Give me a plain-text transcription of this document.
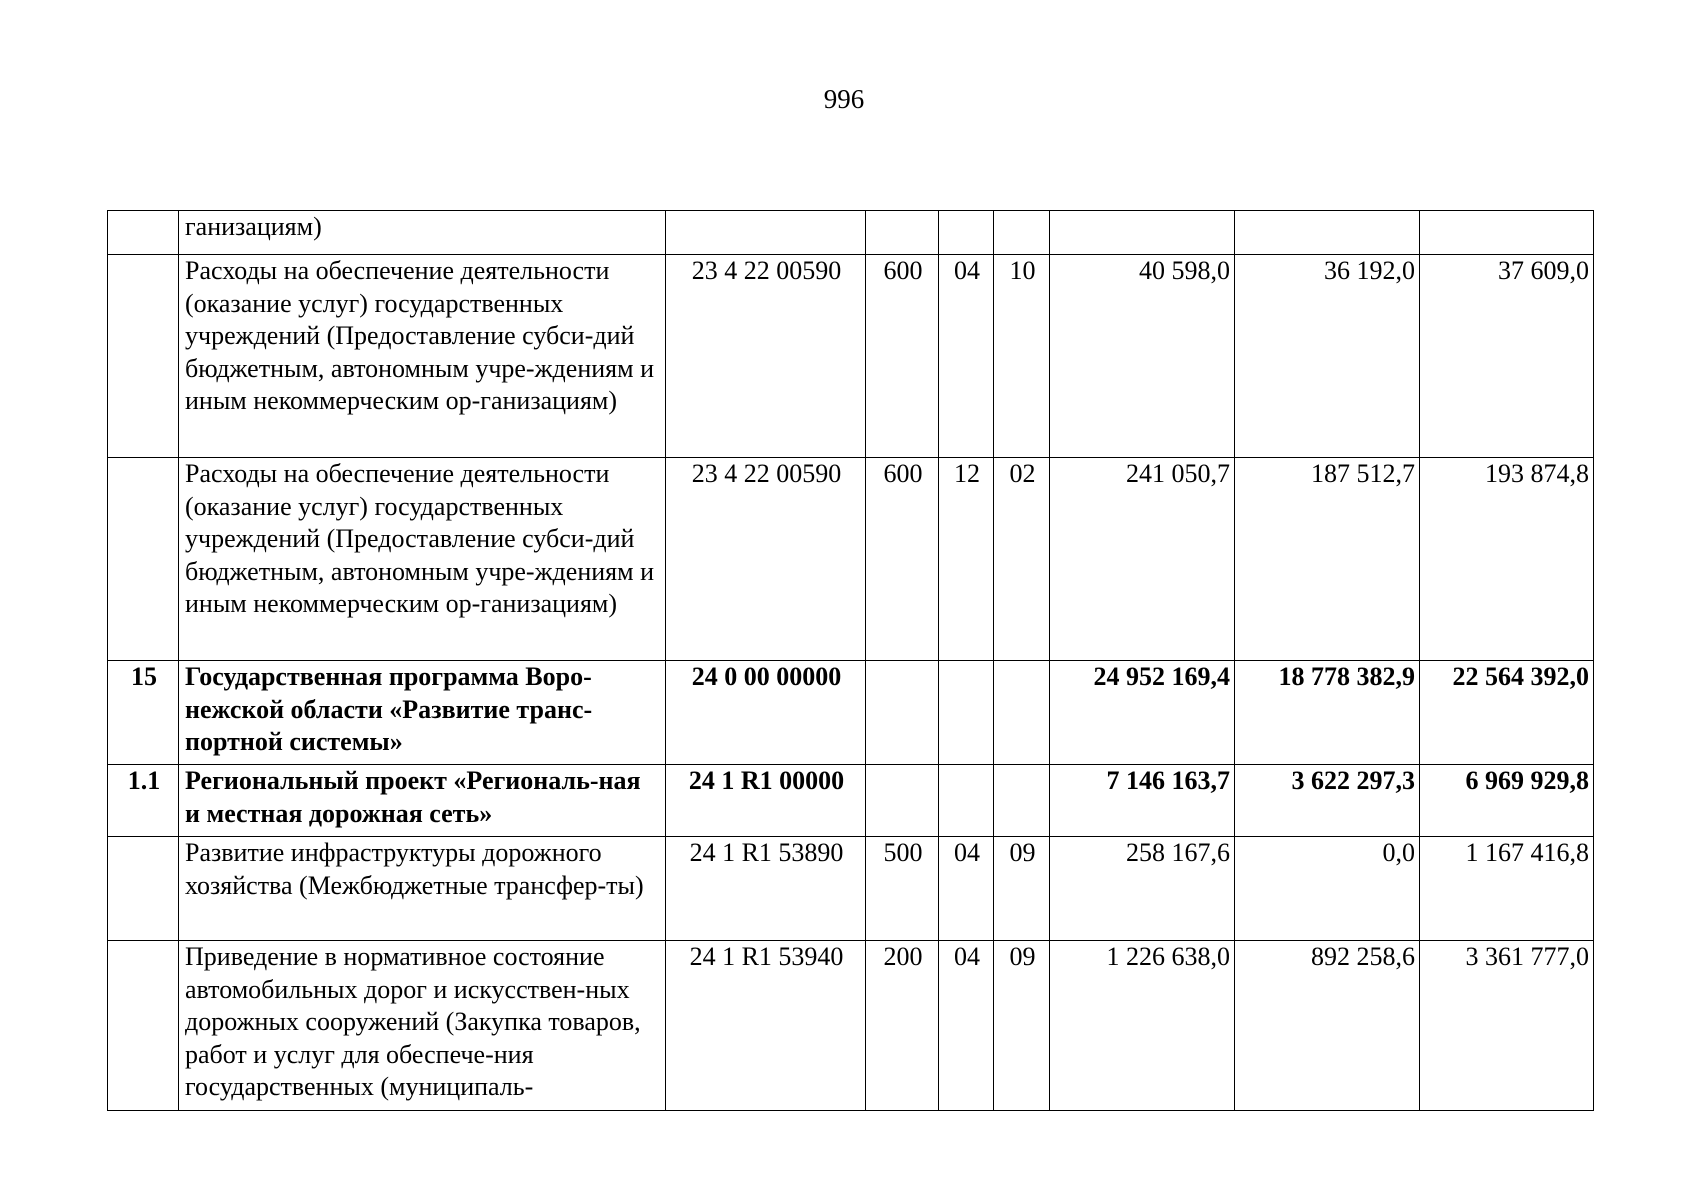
996
	ганизациям)							
	Расходы на обеспечение деятельности (оказание услуг) государственных учреждений (Предоставление субси-дий бюджетным, автономным учре-ждениям и иным некоммерческим ор-ганизациям)	23 4 22 00590	600	04	10	40 598,0	36 192,0	37 609,0
	Расходы на обеспечение деятельности (оказание услуг) государственных учреждений (Предоставление субси-дий бюджетным, автономным учре-ждениям и иным некоммерческим ор-ганизациям)	23 4 22 00590	600	12	02	241 050,7	187 512,7	193 874,8
15	Государственная программа Воро-нежской области «Развитие транс-портной системы»	24 0 00 00000				24 952 169,4	18 778 382,9	22 564 392,0
1.1	Региональный проект «Региональ-ная и местная дорожная сеть»	24 1 R1 00000				7 146 163,7	3 622 297,3	6 969 929,8
	Развитие инфраструктуры дорожного хозяйства (Межбюджетные трансфер-ты)	24 1 R1 53890	500	04	09	258 167,6	0,0	1 167 416,8
	Приведение в нормативное состояние автомобильных дорог и искусствен-ных дорожных сооружений (Закупка товаров, работ и услуг для обеспече-ния государственных (муниципаль-	24 1 R1 53940	200	04	09	1 226 638,0	892 258,6	3 361 777,0
